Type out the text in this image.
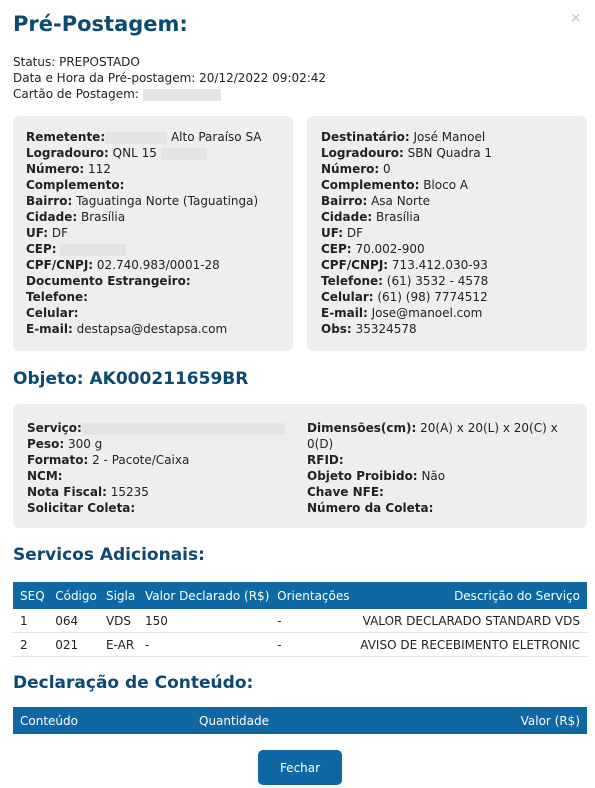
Pré-Postagem:	×
Status: PREPOSTADO
Data e Hora da Pré-postagem: 20/12/2022 09:02:42
Cartão de Postagem:
Remetente:	Alto Paraíso SA
Logradouro: QNL 15
Número: 112
Complemento:
Bairro: Taguatinga Norte (Taguatinga)
Cidade: Brasília
UF: DF
CEP:
CPF/CNPJ: 02.740.983/0001-28
Documento Estrangeiro:
Telefone:
Celular:
E-mail: destapsa@destapsa.com
Destinatário: José Manoel
Logradouro: SBN Quadra 1
Número: 0
Complemento: Bloco A
Bairro: Asa Norte
Cidade: Brasília
UF: DF
CEP: 70.002-900
CPF/CNPJ: 713.412.030-93
Telefone: (61) 3532 - 4578
Celular: (61) (98) 7774512
E-mail: Jose@manoel.com
Obs: 35324578
Objeto: AK000211659BR
Serviço:
Peso: 300 g
Formato: 2 - Pacote/Caixa
NCM:
Nota Fiscal: 15235
Solicitar Coleta:
Dimensões(cm): 20(A) x 20(L) x 20(C) x
0(D)
RFID:
Objeto Proibido: Não
Chave NFE:
Número da Coleta:
Servicos Adicionais:
SEQ	Código	Sigla	Valor Declarado (R$)	Orientações	Descrição do Serviço
1	064	VDS	150	-	VALOR DECLARADO STANDARD VDS
2	021	E-AR	-	-	AVISO DE RECEBIMENTO ELETRONIC
Declaração de Conteúdo:
Conteúdo	Quantidade	Valor (R$)
Fechar
